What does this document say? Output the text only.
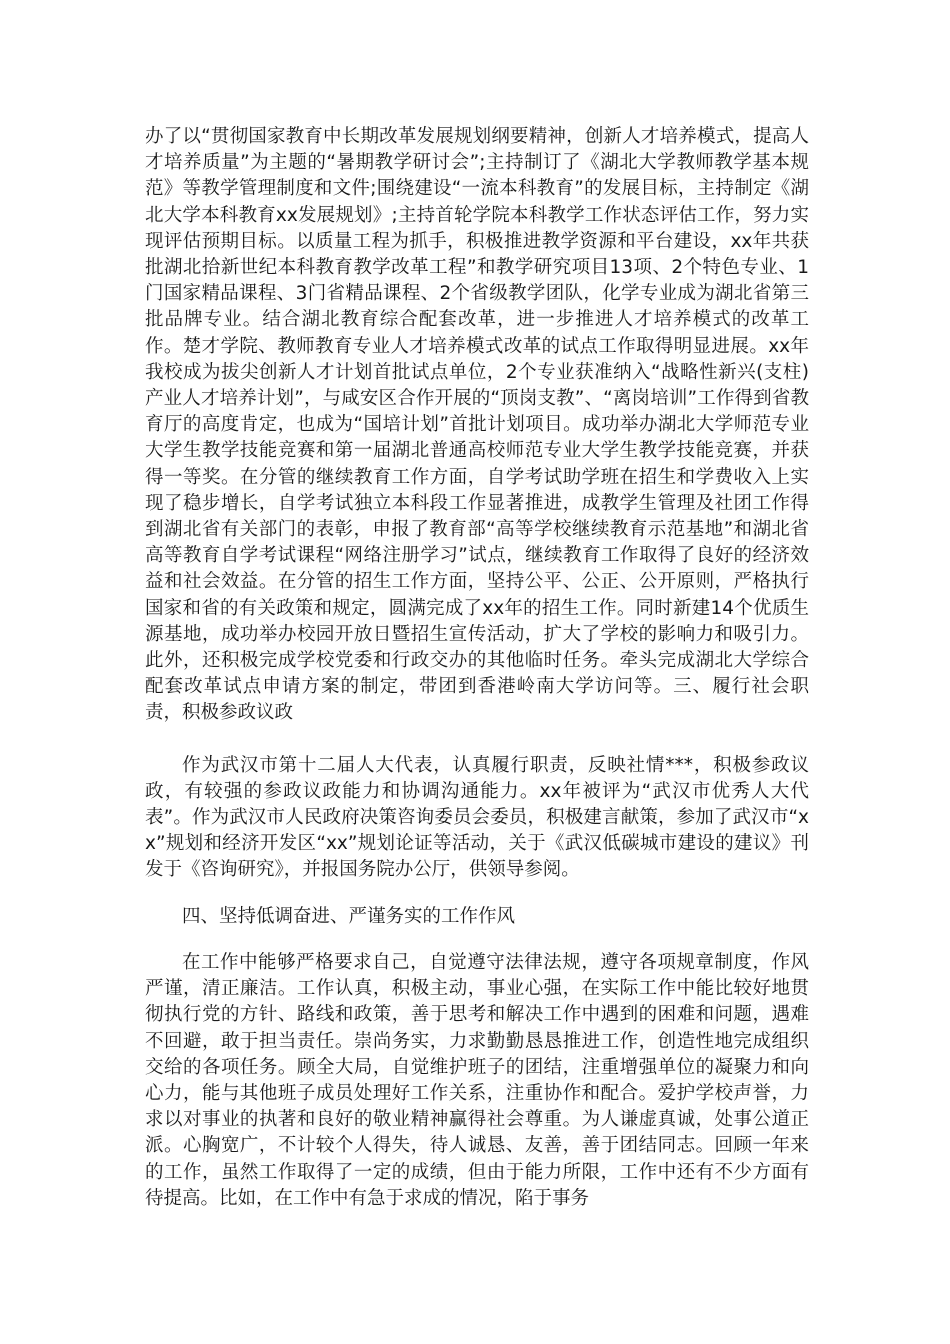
办了以“贯彻国家教育中长期改革发展规划纲要精神，创新人才培养模式，提高人才培养质量”为主题的“暑期教学研讨会”;主持制订了《湖北大学教师教学基本规范》等教学管理制度和文件;围绕建设“一流本科教育”的发展目标，主持制定《湖北大学本科教育xx发展规划》;主持首轮学院本科教学工作状态评估工作，努力实现评估预期目标。以质量工程为抓手，积极推进教学资源和平台建设，xx年共获批湖北拾新世纪本科教育教学改革工程”和教学研究项目13项、2个特色专业、1门国家精品课程、3门省精品课程、2个省级教学团队，化学专业成为湖北省第三批品牌专业。结合湖北教育综合配套改革，进一步推进人才培养模式的改革工作。楚才学院、教师教育专业人才培养模式改革的试点工作取得明显进展。xx年我校成为拔尖创新人才计划首批试点单位，2个专业获准纳入“战略性新兴(支柱)产业人才培养计划”，与咸安区合作开展的“顶岗支教”、“离岗培训”工作得到省教育厅的高度肯定，也成为“国培计划”首批计划项目。成功举办湖北大学师范专业大学生教学技能竞赛和第一届湖北普通高校师范专业大学生教学技能竞赛，并获得一等奖。在分管的继续教育工作方面，自学考试助学班在招生和学费收入上实现了稳步增长，自学考试独立本科段工作显著推进，成教学生管理及社团工作得到湖北省有关部门的表彰，申报了教育部“高等学校继续教育示范基地”和湖北省高等教育自学考试课程“网络注册学习”试点，继续教育工作取得了良好的经济效益和社会效益。在分管的招生工作方面，坚持公平、公正、公开原则，严格执行国家和省的有关政策和规定，圆满完成了xx年的招生工作。同时新建14个优质生源基地，成功举办校园开放日暨招生宣传活动，扩大了学校的影响力和吸引力。此外，还积极完成学校党委和行政交办的其他临时任务。牵头完成湖北大学综合配套改革试点申请方案的制定，带团到香港岭南大学访问等。三、履行社会职责，积极参政议政

作为武汉市第十二届人大代表，认真履行职责，反映社情***，积极参政议政，有较强的参政议政能力和协调沟通能力。xx年被评为“武汉市优秀人大代表”。作为武汉市人民政府决策咨询委员会委员，积极建言献策，参加了武汉市“xx”规划和经济开发区“xx”规划论证等活动，关于《武汉低碳城市建设的建议》刊发于《咨询研究》，并报国务院办公厅，供领导参阅。

四、坚持低调奋进、严谨务实的工作作风

在工作中能够严格要求自己，自觉遵守法律法规，遵守各项规章制度，作风严谨，清正廉洁。工作认真，积极主动，事业心强，在实际工作中能比较好地贯彻执行党的方针、路线和政策，善于思考和解决工作中遇到的困难和问题，遇难不回避，敢于担当责任。崇尚务实，力求勤勤恳恳推进工作，创造性地完成组织交给的各项任务。顾全大局，自觉维护班子的团结，注重增强单位的凝聚力和向心力，能与其他班子成员处理好工作关系，注重协作和配合。爱护学校声誉，力求以对事业的执著和良好的敬业精神赢得社会尊重。为人谦虚真诚，处事公道正派。心胸宽广，不计较个人得失，待人诚恳、友善，善于团结同志。回顾一年来的工作，虽然工作取得了一定的成绩，但由于能力所限，工作中还有不少方面有待提高。比如，在工作中有急于求成的情况，陷于事务
